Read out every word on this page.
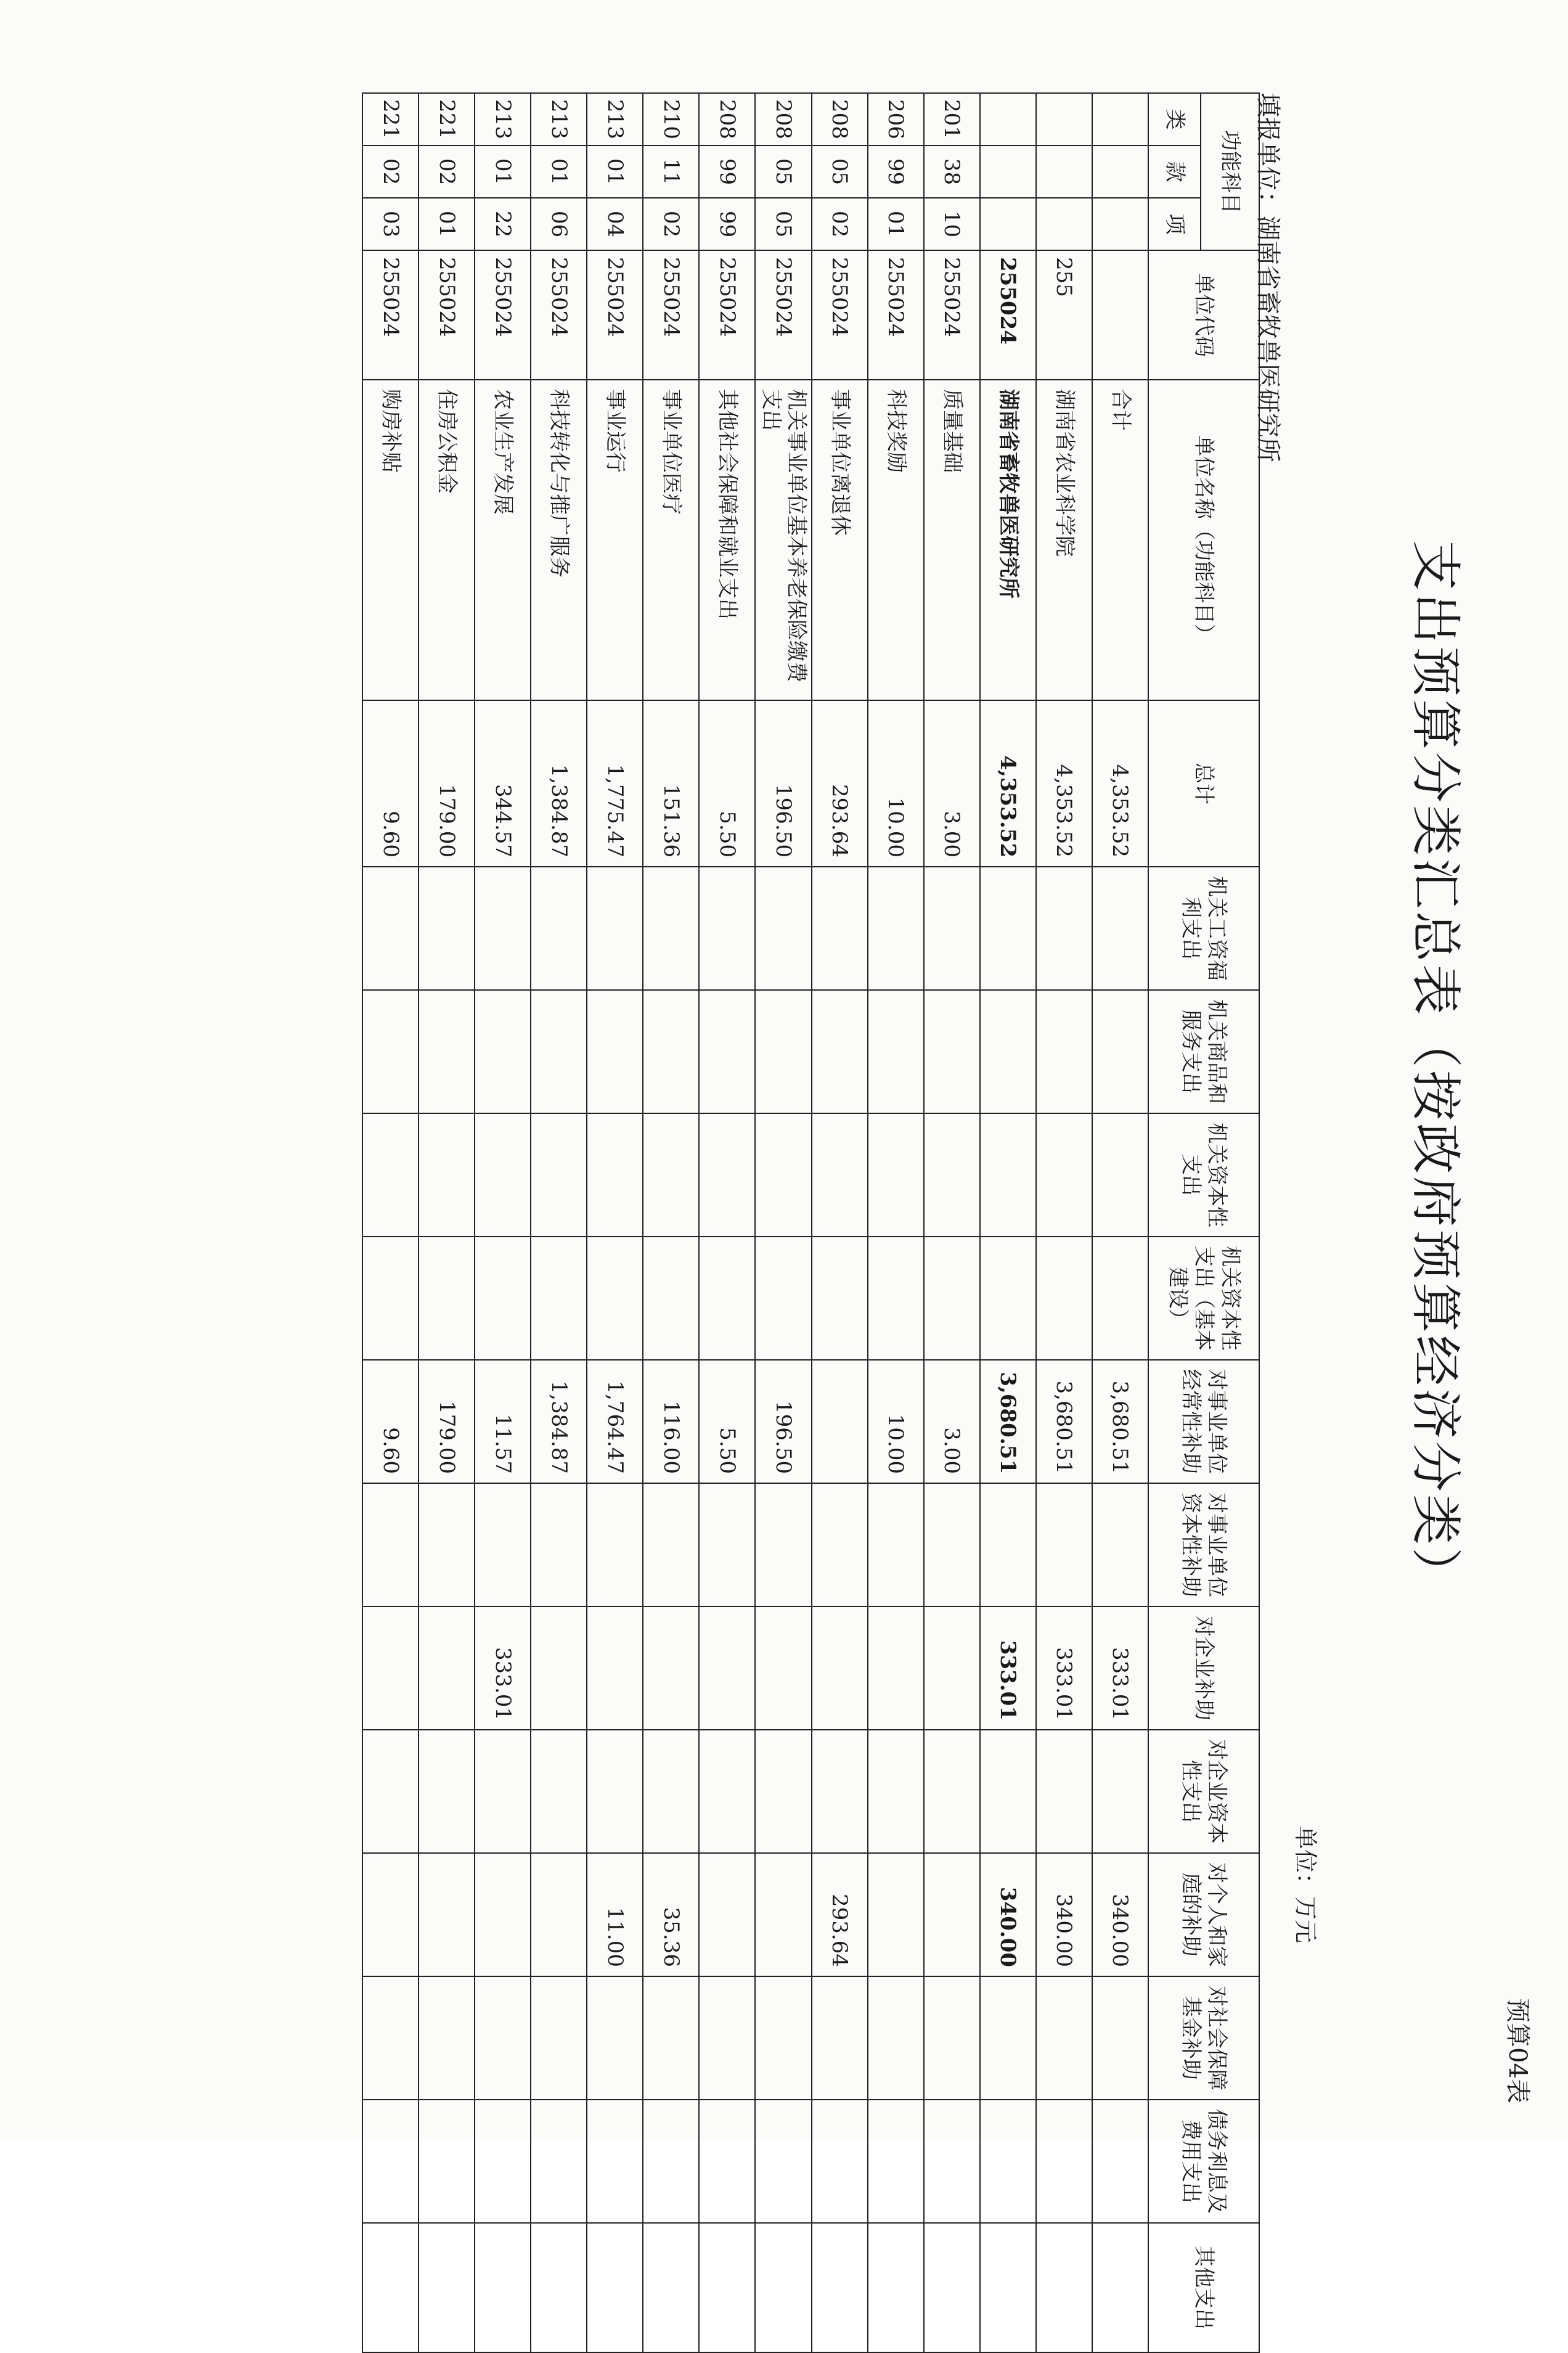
预算04表
支出预算分类汇总表（按政府预算经济分类）
单位：万元
填报单位：湖南省畜牧兽医研究所
功能科目			单位代码	单位名称（功能科目）	总计	机关工资福利支出	机关商品和服务支出	机关资本性支出	机关资本性支出（基本建设）	对事业单位经常性补助	对事业单位资本性补助	对企业补助	对企业资本性支出	对个人和家庭的补助	对社会保障基金补助	债务利息及费用支出	其他支出
类	款	项															
				合计	4,353.52					3,680.51		333.01		340.00			
			255	湖南省农业科学院	4,353.52					3,680.51		333.01		340.00			
			255024	湖南省畜牧兽医研究所	4,353.52					3,680.51		333.01		340.00			
201	38	10	255024	质量基础	3.00					3.00							
206	99	01	255024	科技奖励	10.00					10.00							
208	05	02	255024	事业单位离退休	293.64									293.64			
208	05	05	255024	机关事业单位基本养老保险缴费支出	196.50					196.50							
208	99	99	255024	其他社会保障和就业支出	5.50					5.50							
210	11	02	255024	事业单位医疗	151.36					116.00				35.36			
213	01	04	255024	事业运行	1,775.47					1,764.47				11.00			
213	01	06	255024	科技转化与推广服务	1,384.87					1,384.87							
213	01	22	255024	农业生产发展	344.57					11.57		333.01					
221	02	01	255024	住房公积金	179.00					179.00							
221	02	03	255024	购房补贴	9.60					9.60							
